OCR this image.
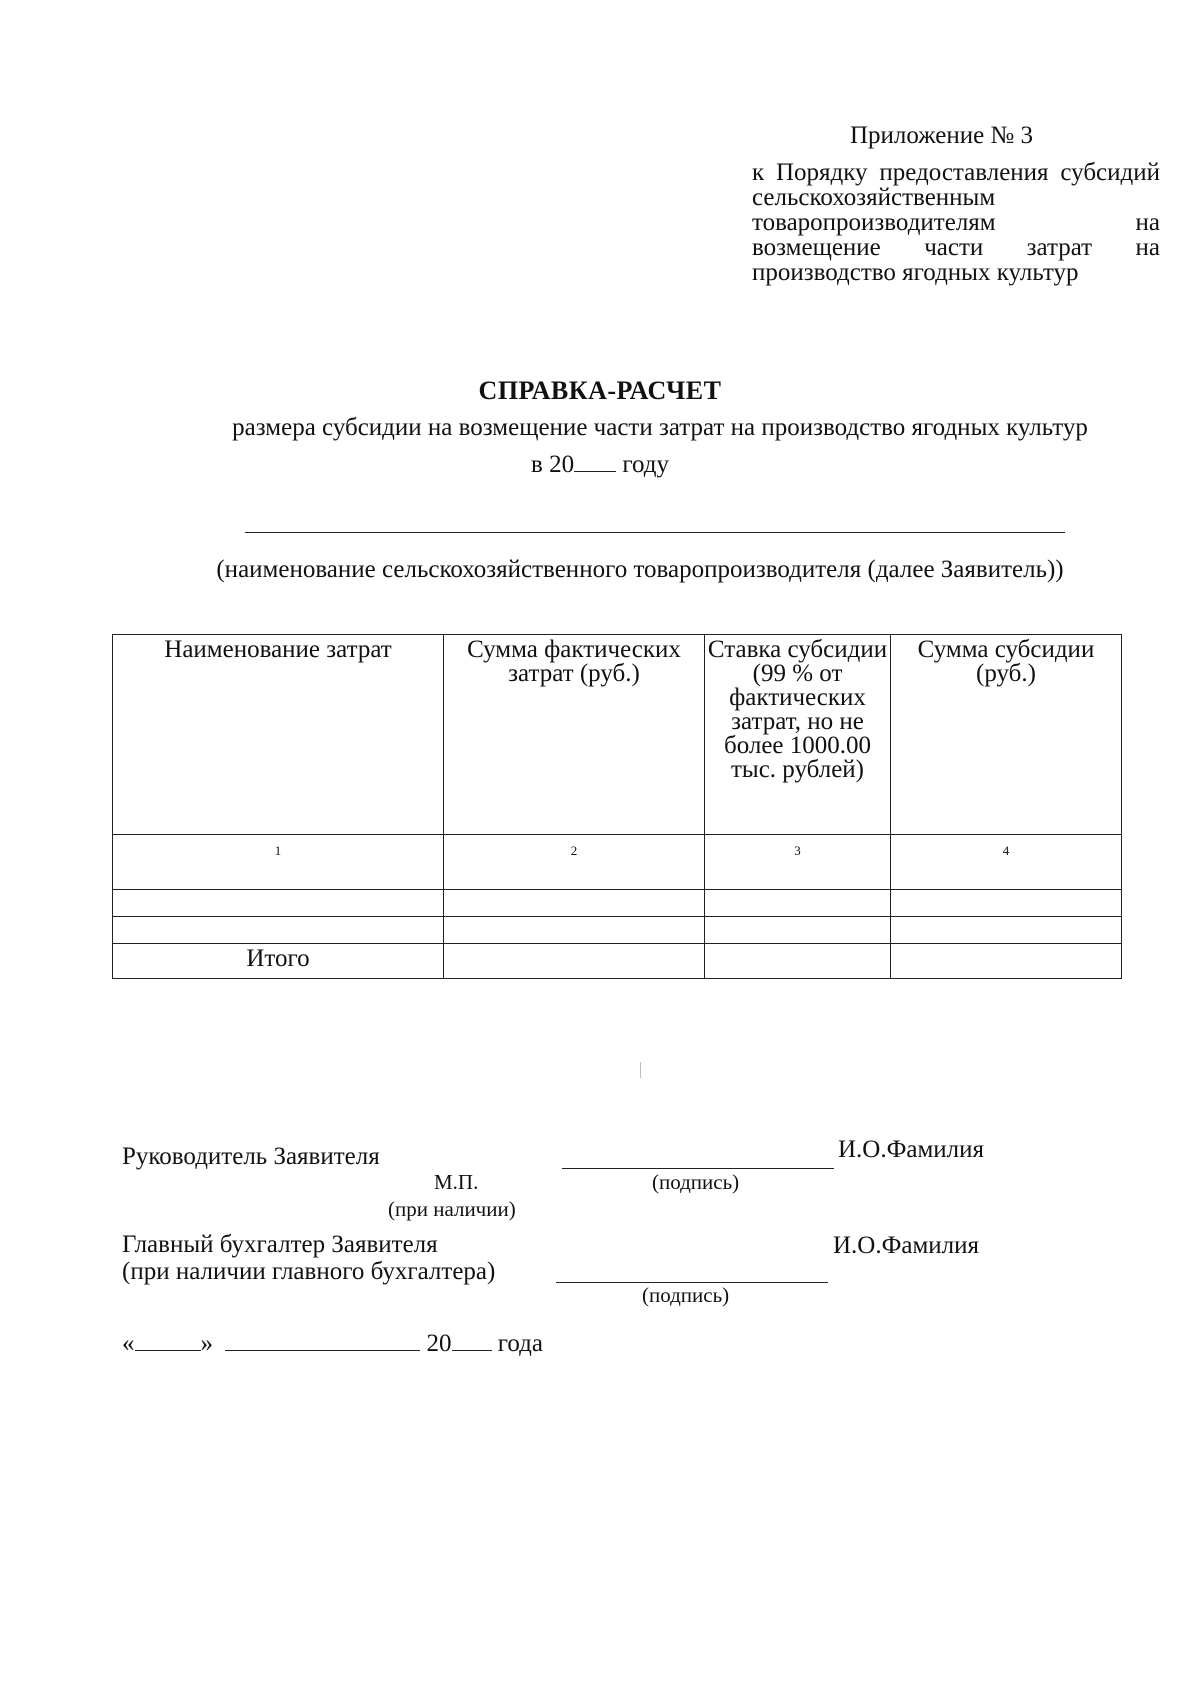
Приложение № 3
к Порядку предоставления субсидий сельскохозяйственным товаропроизводителям на возмещение части затрат на производство ягодных культур
СПРАВКА-РАСЧЕТ
размера субсидии на возмещение части затрат на производство ягодных культур
в 20 году
(наименование сельскохозяйственного товаропроизводителя (далее Заявитель))
Наименование затрат	Сумма фактических затрат (руб.)	Ставка субсидии (99 % от фактических затрат, но не более 1000.00 тыс. рублей)	Сумма субсидии (руб.)
1	2	3	4

Итого			
Руководитель Заявителя	И.О.Фамилия
М.П.	(подпись)
(при наличии)
Главный бухгалтер Заявителя	И.О.Фамилия
(при наличии главного бухгалтера)
(подпись)
«	»	20 года
